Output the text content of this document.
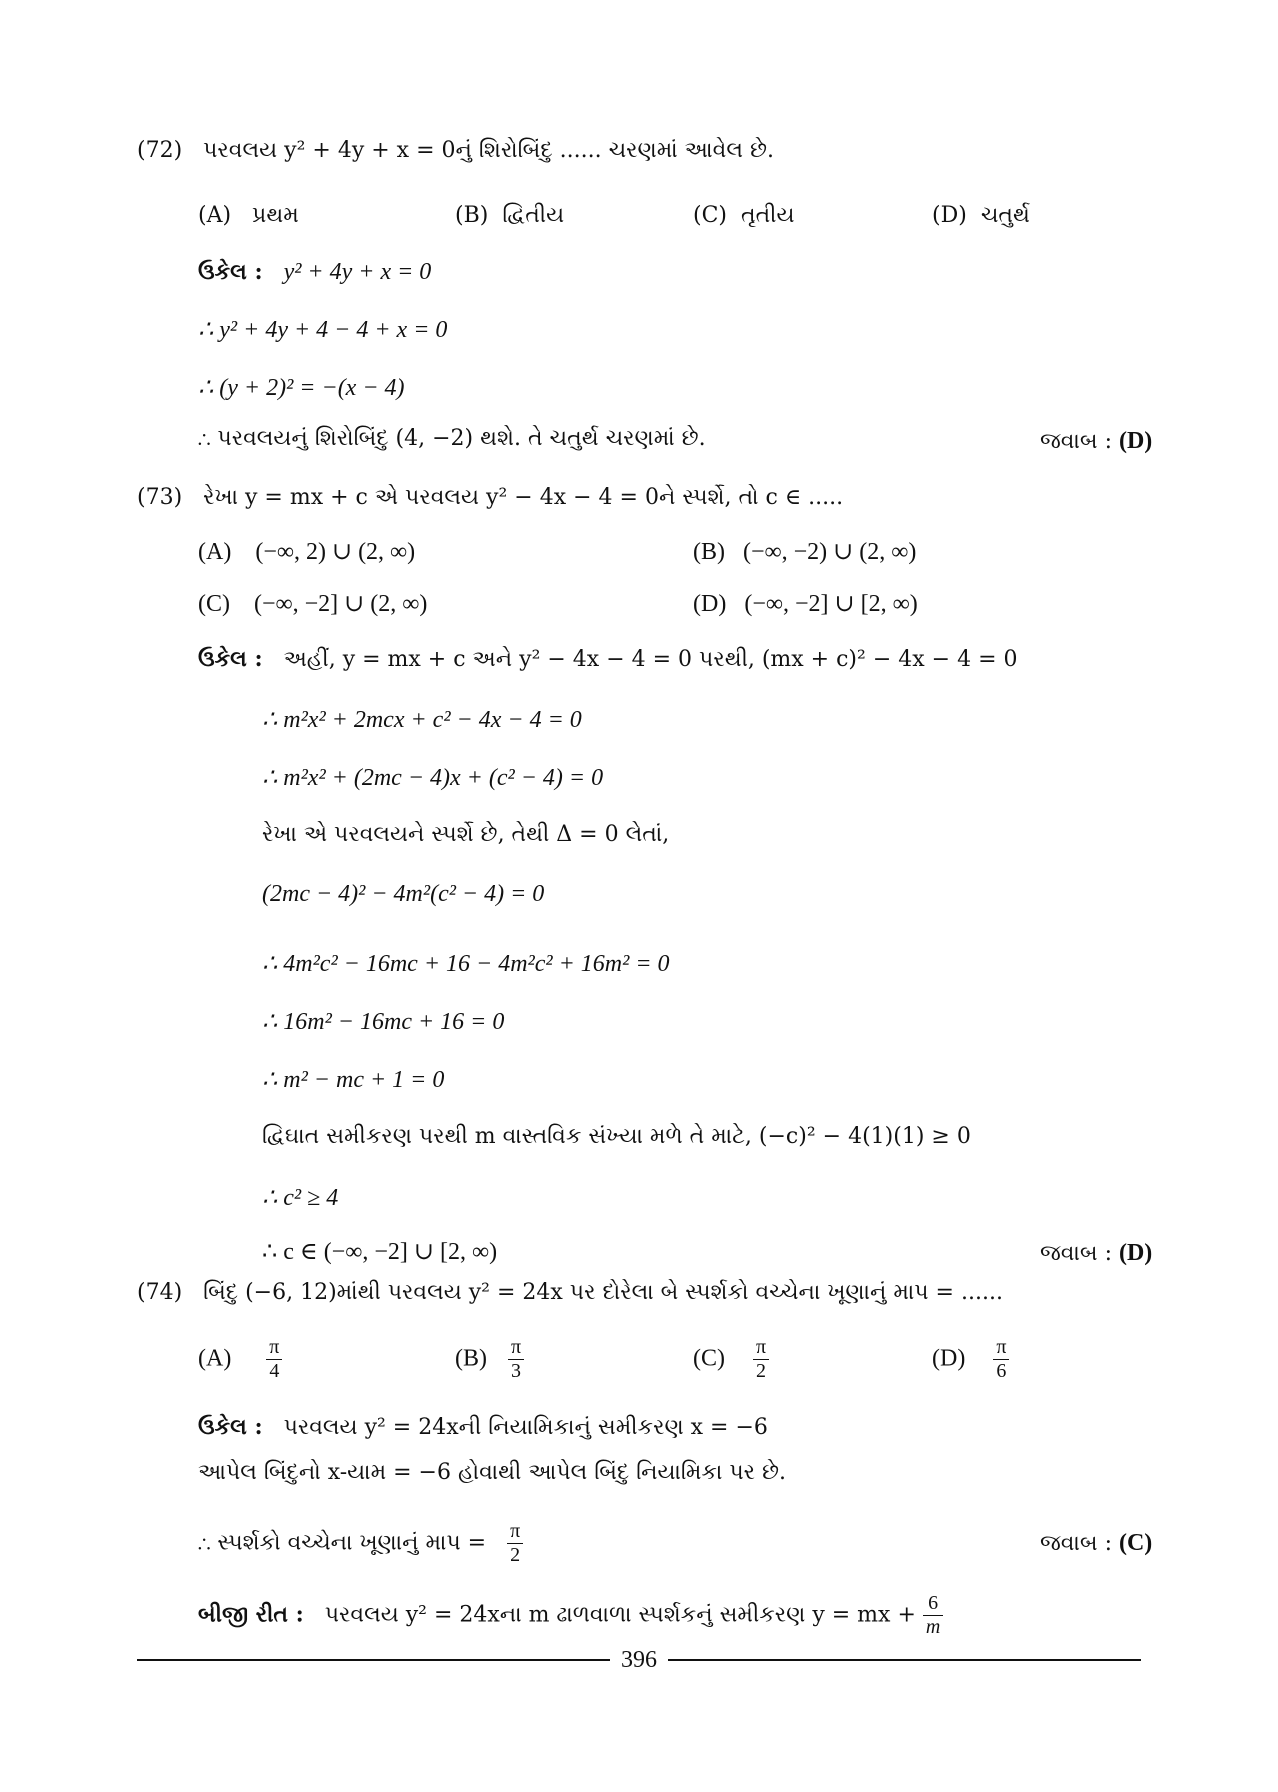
(72) પરવલય y² + 4y + x = 0નું શિરોબિંદુ ...... ચરણમાં આવેલ છે.
(A) પ્રથમ	(B) દ્વિતીય	(C) તૃતીય	(D) ચતુર્થ
ઉકેલ : y² + 4y + x = 0
∴ y² + 4y + 4 − 4 + x = 0
∴ (y + 2)² = −(x − 4)
∴ પરવલયનું શિરોબિંદુ (4, −2) થશે. તે ચતુર્થ ચરણમાં છે.	જવાબ : (D)
(73) રેખા y = mx + c એ પરવલય y² − 4x − 4 = 0ને સ્પર્શે, તો c ∈ .....
(A) (−∞, 2) ∪ (2, ∞)	(B) (−∞, −2) ∪ (2, ∞)
(C) (−∞, −2] ∪ (2, ∞)	(D) (−∞, −2] ∪ [2, ∞)
ઉકેલ : અહીં, y = mx + c અને y² − 4x − 4 = 0 પરથી, (mx + c)² − 4x − 4 = 0
∴ m²x² + 2mcx + c² − 4x − 4 = 0
∴ m²x² + (2mc − 4)x + (c² − 4) = 0
રેખા એ પરવલયને સ્પર્શે છે, તેથી Δ = 0 લેતાં,
(2mc − 4)² − 4m²(c² − 4) = 0
∴ 4m²c² − 16mc + 16 − 4m²c² + 16m² = 0
∴ 16m² − 16mc + 16 = 0
∴ m² − mc + 1 = 0
દ્વિઘાત સમીકરણ પરથી m વાસ્તવિક સંખ્યા મળે તે માટે, (−c)² − 4(1)(1) ≥ 0
∴ c² ≥ 4
∴ c ∈ (−∞, −2] ∪ [2, ∞)	જવાબ : (D)
(74) બિંદુ (−6, 12)માંથી પરવલય y² = 24x પર દોરેલા બે સ્પર્શકો વચ્ચેના ખૂણાનું માપ = ......
$(A) \frac{\pi}{4}$	$(B) \frac{\pi}{3}$	$(C) \frac{\pi}{2}$	$(D) \frac{\pi}{6}$
ઉકેલ : પરવલય y² = 24xની નિયામિકાનું સમીકરણ x = −6
આપેલ બિંદુનો x-યામ = −6 હોવાથી આપેલ બિંદુ નિયામિકા પર છે.
∴ સ્પર્શકો વચ્ચેના ખૂણાનું માપ = $\frac{\pi}{2}$	જવાબ : (C)
બીજી રીત : પરવલય y² = 24xના m ઢાળવાળા સ્પર્શકનું સમીકરણ y = mx + $\frac{6}{m}$
396
